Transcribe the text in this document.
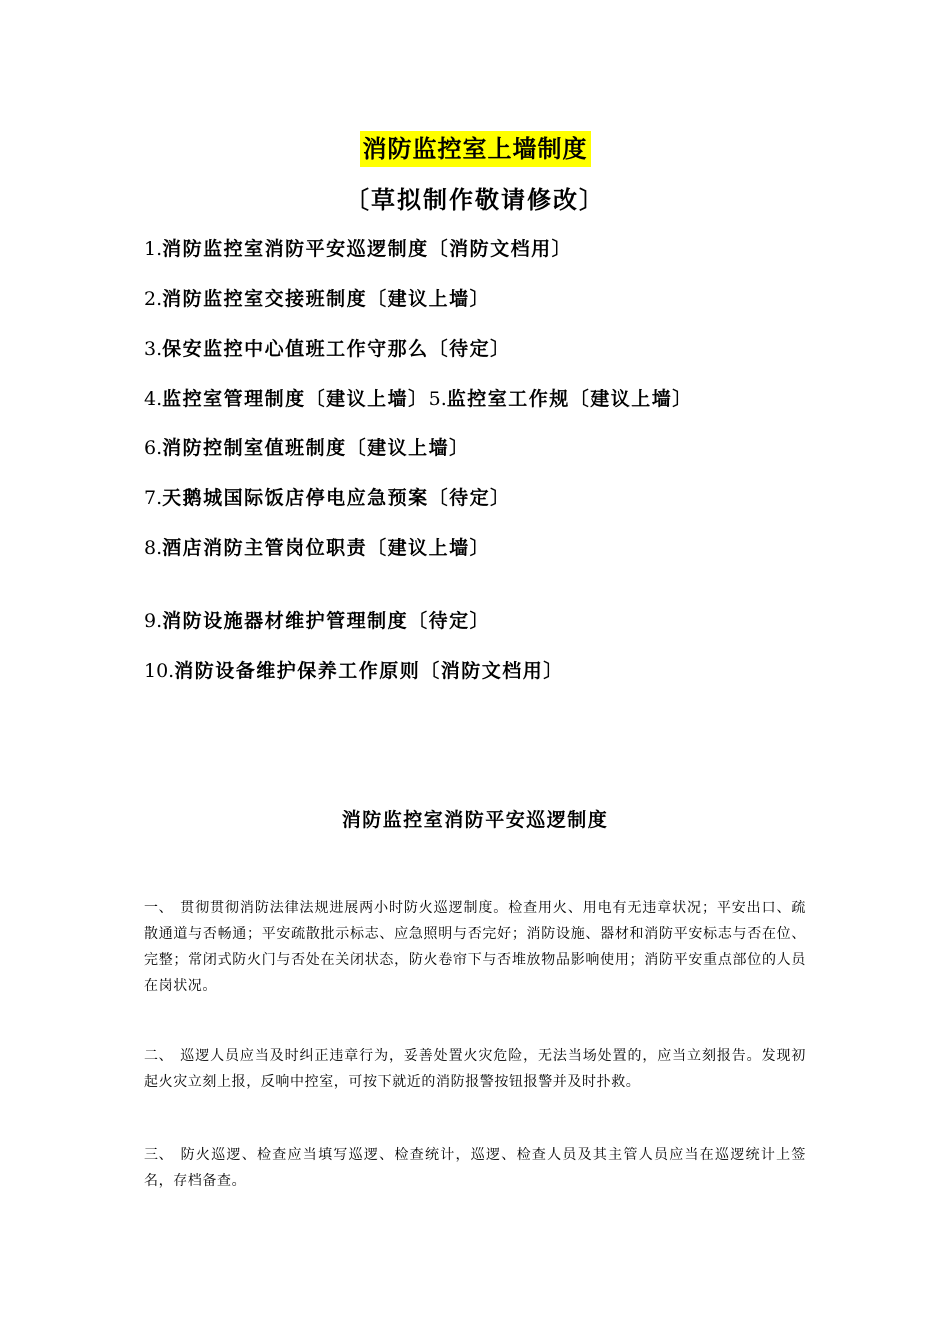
消防监控室上墙制度
〔草拟制作敬请修改〕
1.消防监控室消防平安巡逻制度〔消防文档用〕
2.消防监控室交接班制度〔建议上墙〕
3.保安监控中心值班工作守那么〔待定〕
4.监控室管理制度〔建议上墙〕5.监控室工作规〔建议上墙〕
6.消防控制室值班制度〔建议上墙〕
7.天鹅城国际饭店停电应急预案〔待定〕
8.酒店消防主管岗位职责〔建议上墙〕
9.消防设施器材维护管理制度〔待定〕
10.消防设备维护保养工作原则〔消防文档用〕
消防监控室消防平安巡逻制度
一、 贯彻贯彻消防法律法规进展两小时防火巡逻制度。检查用火、用电有无违章状况；平安出口、疏散通道与否畅通；平安疏散批示标志、应急照明与否完好；消防设施、器材和消防平安标志与否在位、完整；常闭式防火门与否处在关闭状态，防火卷帘下与否堆放物品影响使用；消防平安重点部位的人员在岗状况。
二、 巡逻人员应当及时纠正违章行为，妥善处置火灾危险，无法当场处置的，应当立刻报告。发现初起火灾立刻上报，反响中控室，可按下就近的消防报警按钮报警并及时扑救。
三、 防火巡逻、检查应当填写巡逻、检查统计，巡逻、检查人员及其主管人员应当在巡逻统计上签名，存档备查。
